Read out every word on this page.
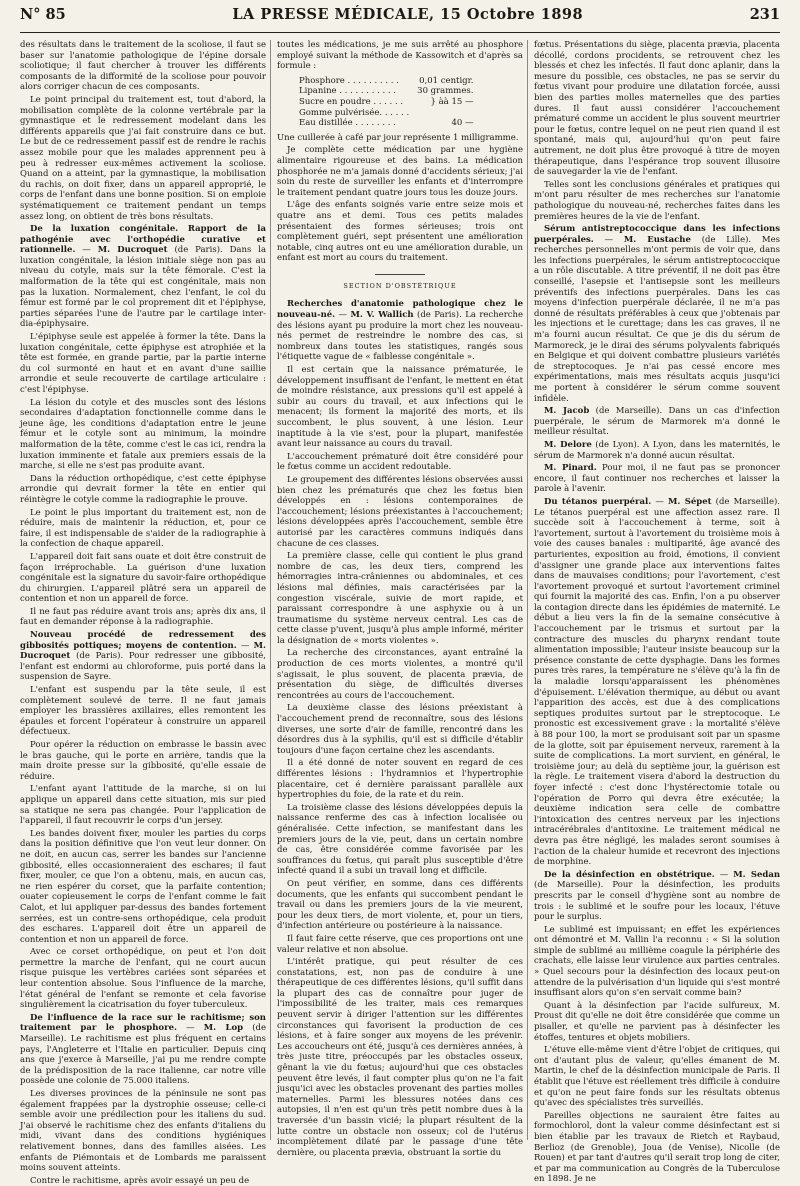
N° 85	LA PRESSE MÉDICALE, 15 Octobre 1898	231

des résultats dans le traitement de la scoliose, il faut se baser sur l'anatomie pathologique de l'épine dorsale scoliotique; il faut chercher à trouver les différents composants de la difformité de la scoliose pour pouvoir alors corriger chacun de ces composants.

Le point principal du traitement est, tout d'abord, la mobilisation complète de la colonne vertébrale par la gymnastique et le redressement modelant dans les différents appareils que j'ai fait construire dans ce but. Le but de ce redressement passif est de rendre le rachis assez mobile pour que les malades apprennent peu à peu à redresser eux-mêmes activement la scoliose. Quand on a atteint, par la gymnastique, la mobilisation du rachis, on doit fixer, dans un appareil approprié, le corps de l'enfant dans une bonne position. Si on emploie systématiquement ce traitement pendant un temps assez long, on obtient de très bons résultats.

De la luxation congénitale. Rapport de la pathogénie avec l'orthopédie curative et rationnelle. — M. Ducroquet (de Paris). Dans la luxation congénitale, la lésion initiale siège non pas au niveau du cotyle, mais sur la tête fémorale. C'est la malformation de la tête qui est congénitale, mais non pas la luxation. Normalement, chez l'enfant, le col du fémur est formé par le col proprement dit et l'épiphyse, parties séparées l'une de l'autre par le cartilage inter-dia-épiphysaire.

L'épiphyse seule est appelée à former la tête. Dans la luxation congénitale, cette épiphyse est atrophiée et la tête est formée, en grande partie, par la partie interne du col surmonté en haut et en avant d'une saillie arrondie et seule recouverte de cartilage articulaire : c'est l'épiphyse.

La lésion du cotyle et des muscles sont des lésions secondaires d'adaptation fonctionnelle comme dans le jeune âge, les conditions d'adaptation entre le jeune fémur et le cotyle sont au minimum, la moindre malformation de la tête, comme c'est le cas ici, rendra la luxation imminente et fatale aux premiers essais de la marche, si elle ne s'est pas produite avant.

Dans la réduction orthopédique, c'est cette épiphyse arrondie qui devrait former la tête en entier qui réintègre le cotyle comme la radiographie le prouve.

Le point le plus important du traitement est, non de réduire, mais de maintenir la réduction, et, pour ce faire, il est indispensable de s'aider de la radiographie à la confection de chaque appareil.

L'appareil doit fait sans ouate et doit être construit de façon irréprochable. La guérison d'une luxation congénitale est la signature du savoir-faire orthopédique du chirurgien. L'appareil plâtré sera un appareil de contention et non un appareil de force.

Il ne faut pas réduire avant trois ans; après dix ans, il faut en demander réponse à la radiographie.

Nouveau procédé de redressement des gibbosités pottiques; moyens de contention. — M. Ducroquet (de Paris). Pour redresser une gibbosité, l'enfant est endormi au chloroforme, puis porté dans la suspension de Sayre.

L'enfant est suspendu par la tête seule, il est complètement soulevé de terre. Il ne faut jamais employer les brassières axillaires, elles remontent les épaules et forcent l'opérateur à construire un appareil défectueux.

Pour opérer la réduction on embrasse le bassin avec le bras gauche, qui le porte en arrière, tandis que la main droite presse sur la gibbosité, qu'elle essaie de réduire.

L'enfant ayant l'attitude de la marche, si on lui applique un appareil dans cette situation, mis sur pied sa statique ne sera pas changée. Pour l'application de l'appareil, il faut recouvrir le corps d'un jersey.

Les bandes doivent fixer, mouler les parties du corps dans la position définitive que l'on veut leur donner. On ne doit, en aucun cas, serrer les bandes sur l'ancienne gibbosité, elles occasionneraient des eschares; il faut fixer, mouler, ce que l'on a obtenu, mais, en aucun cas, ne rien espérer du corset, que la parfaite contention; ouater copieusement le corps de l'enfant comme le fait Calot, et lui appliquer par-dessus des bandes fortement serrées, est un contre-sens orthopédique, cela produit des eschares. L'appareil doit être un appareil de contention et non un appareil de force.

Avec ce corset orthopédique, on peut et l'on doit permettre la marche de l'enfant, qui ne court aucun risque puisque les vertèbres cariées sont séparées et leur contention absolue. Sous l'influence de la marche, l'état général de l'enfant se remonte et cela favorise singulièrement la cicatrisation du foyer tuberculeux.

De l'influence de la race sur le rachitisme; son traitement par le phosphore. — M. Lop (de Marseille). Le rachitisme est plus fréquent en certains pays, l'Angleterre et l'Italie en particulier. Depuis cinq ans que j'exerce à Marseille, j'ai pu me rendre compte de la prédisposition de la race italienne, car notre ville possède une colonie de 75.000 italiens.

Les diverses provinces de la péninsule ne sont pas également frappées par la dystrophie osseuse; celle-ci semble avoir une prédilection pour les italiens du sud. J'ai observé le rachitisme chez des enfants d'italiens du midi, vivant dans des conditions hygiéniques relativement bonnes, dans des familles aisées. Les enfants de Piémontais et de Lombards me paraissent moins souvent atteints.

Contre le rachitisme, après avoir essayé un peu de

toutes les médications, je me suis arrêté au phosphore employé suivant la méthode de Kassowitch et d'après sa formule :

Phosphore . . . . . . . . . .	0,01 centigr.
Lipanine . . . . . . . . . . .	30 grammes.
Sucre en poudre . . . . . .	} àà 15 —
Gomme pulvérisée. . . . . .	
Eau distillée . . . . . . . .	40 —

Une cuillerée à café par jour représente 1 milligramme.

Je complète cette médication par une hygiène alimentaire rigoureuse et des bains. La médication phosphorée ne m'a jamais donné d'accidents sérieux; j'ai soin du reste de surveiller les enfants et d'interrompre le traitement pendant quatre jours tous les douze jours.

L'âge des enfants soignés varie entre seize mois et quatre ans et demi. Tous ces petits malades présentaient des formes sérieuses; trois ont complètement guéri, sept présentent une amélioration notable, cinq autres ont eu une amélioration durable, un enfant est mort au cours du traitement.

SECTION D'OBSTÉTRIQUE

Recherches d'anatomie pathologique chez le nouveau-né. — M. V. Wallich (de Paris). La recherche des lésions ayant pu produire la mort chez les nouveau-nés permet de restreindre le nombre des cas, si nombreux dans toutes les statistiques, rangés sous l'étiquette vague de « faiblesse congénitale ».

Il est certain que la naissance prématurée, le développement insuffisant de l'enfant, le mettent en état de moindre résistance, aux pressions qu'il est appelé à subir au cours du travail, et aux infections qui le menacent; ils forment la majorité des morts, et ils succombent, le plus souvent, à une lésion. Leur inaptitude à la vie s'est, pour la plupart, manifestée avant leur naissance au cours du travail.

L'accouchement prématuré doit être considéré pour le fœtus comme un accident redoutable.

Le groupement des différentes lésions observées aussi bien chez les prématurés que chez les fœtus bien développés en : lésions contemporaines de l'accouchement; lésions préexistantes à l'accouchement; lésions développées après l'accouchement, semble être autorisé par les caractères communs indiqués dans chacune de ces classes.

La première classe, celle qui contient le plus grand nombre de cas, les deux tiers, comprend les hémorragies intra-crâniennes ou abdominales, et ces lésions mal définies, mais caractérisées par la congestion viscérale, suivie de mort rapide, et paraissant correspondre à une asphyxie ou à un traumatisme du système nerveux central. Les cas de cette classe p'uvent, jusqu'à plus ample informé, mériter la désignation de « morts violentes ».

La recherche des circonstances, ayant entraîné la production de ces morts violentes, a montré qu'il s'agissait, le plus souvent, de placenta prævia, de présentation du siège, de difficultés diverses rencontrées au cours de l'accouchement.

La deuxième classe des lésions préexistant à l'accouchement prend de reconnaître, sous des lésions diverses, une sorte d'air de famille, rencontré dans les désordres dus à la syphilis, qu'il est si difficile d'établir toujours d'une façon certaine chez les ascendants.

Il a été donné de noter souvent en regard de ces différentes lésions : l'hydramnios et l'hypertrophie placentaire, cet é dernière paraissant parallèle aux hypertrophies du foie, de la rate et du rein.

La troisième classe des lésions développées depuis la naissance renferme des cas à infection localisée ou généralisée. Cette infection, se manifestant dans les premiers jours de la vie, peut, dans un certain nombre de cas, être considérée comme favorisée par les souffrances du fœtus, qui paraît plus susceptible d'être infecté quand il a subi un travail long et difficile.

On peut vérifier, en somme, dans ces différents documents, que les enfants qui succombent pendant le travail ou dans les premiers jours de la vie meurent, pour les deux tiers, de mort violente, et, pour un tiers, d'infection antérieure ou postérieure à la naissance.

Il faut faire cette réserve, que ces proportions ont une valeur relative et non absolue.

L'intérêt pratique, qui peut résulter de ces constatations, est, non pas de conduire à une thérapeutique de ces différentes lésions, qu'il suffit dans la plupart des cas de connaître pour juger de l'impossibilité de les traiter, mais ces remarques peuvent servir à diriger l'attention sur les différentes circonstances qui favorisent la production de ces lésions, et à faire songer aux moyens de les prévenir. Les accoucheurs ont été, jusqu'à ces dernières années, à très juste titre, préoccupés par les obstacles osseux, gênant la vie du fœtus; aujourd'hui que ces obstacles peuvent être levés, il faut compter plus qu'on ne l'a fait jusqu'ici avec les obstacles provenant des parties molles maternelles. Parmi les blessures notées dans ces autopsies, il n'en est qu'un très petit nombre dues à la traversée d'un bassin vicié; la plupart résultent de la lutte contre un obstacle non osseux; col de l'utérus incomplètement dilaté par le passage d'une tête dernière, ou placenta prævia, obstruant la sortie du

fœtus. Présentations du siège, placenta prævia, placenta décollé, cordons procidents, se retrouvent chez les blessés et chez les infectés. Il faut donc aplanir, dans la mesure du possible, ces obstacles, ne pas se servir du fœtus vivant pour produire une dilatation forcée, aussi bien des parties molles maternelles que des parties dures. Il faut aussi considérer l'accouchement prématuré comme un accident le plus souvent meurtrier pour le fœtus, contre lequel on ne peut rien quand il est spontané, mais qui, aujourd'hui qu'on peut faire autrement, ne doit plus être provoqué à titre de moyen thérapeutique, dans l'espérance trop souvent illusoire de sauvegarder la vie de l'enfant.

Telles sont les conclusions générales et pratiques qui m'ont paru résulter de mes recherches sur l'anatomie pathologique du nouveau-né, recherches faites dans les premières heures de la vie de l'enfant.

Sérum antistreptococcique dans les infections puerpérales. — M. Eustache (de Lille). Mes recherches personnelles m'ont permis de voir que, dans les infections puerpérales, le sérum antistreptococcique a un rôle discutable. A titre préventif, il ne doit pas être conseillé, l'asepsie et l'antisepsie sont les meilleurs préventifs des infections puerpérales. Dans les cas moyens d'infection puerpérale déclarée, il ne m'a pas donné de résultats préférables à ceux que j'obtenais par les injections et le curettage; dans les cas graves, il ne m'a fourni aucun résultat. Ce que je dis du sérum de Marmoreck, je le dirai des sérums polyvalents fabriqués en Belgique et qui doivent combattre plusieurs variétés de streptocoques. Je n'ai pas cessé encore mes expérimentations, mais mes résultats acquis jusqu'ici me portent à considérer le sérum comme souvent infidèle.

M. Jacob (de Marseille). Dans un cas d'infection puerpérale, le sérum de Marmorek m'a donné le meilleur résultat.

M. Delore (de Lyon). A Lyon, dans les maternités, le sérum de Marmorek n'a donné aucun résultat.

M. Pinard. Pour moi, il ne faut pas se prononcer encore, il faut continuer nos recherches et laisser la parole à l'avenir.

Du tétanos puerpéral. — M. Sépet (de Marseille). Le tétanos puerpéral est une affection assez rare. Il succède soit à l'accouchement à terme, soit à l'avortement, surtout à l'avortement du troisième mois à voie des causes banales : multiparité, âge avancé des parturientes, exposition au froid, émotions, il convient d'assigner une grande place aux interventions faites dans de mauvaises conditions; pour l'avortement, c'est l'avortement provoqué et surtout l'avortement criminel qui fournit la majorité des cas. Enfin, l'on a pu observer la contagion directe dans les épidémies de maternité. Le début a lieu vers la fin de la semaine consécutive à l'accouchement par le trismus et surtout par la contracture des muscles du pharynx rendant toute alimentation impossible; l'auteur insiste beaucoup sur la présence constante de cette dysphagie. Dans les formes pures très rares, la température ne s'élève qu'à la fin de la maladie lorsqu'apparaissent les phénomènes d'épuisement. L'élévation thermique, au début ou avant l'apparition des accès, est due à des complications septiques produites surtout par le streptocoque. Le pronostic est excessivement grave : la mortalité s'élève à 88 pour 100, la mort se produisant soit par un spasme de la glotte, soit par épuisement nerveux, rarement à la suite de complications. La mort survient, en général, le troisième jour; au delà du septième jour, la guérison est la règle. Le traitement visera d'abord la destruction du foyer infecté : c'est donc l'hystérectomie totale ou l'opération de Porro qui devra être exécutée; la deuxième indication sera celle de combattre l'intoxication des centres nerveux par les injections intracérébrales d'antitoxine. Le traitement médical ne devra pas être négligé, les malades seront soumises à l'action de la chaleur humide et recevront des injections de morphine.

De la désinfection en obstétrique. — M. Sedan (de Marseille). Pour la désinfection, les produits prescrits par le conseil d'hygiène sont au nombre de trois : le sublimé et le soufre pour les locaux, l'étuve pour le surplus.

Le sublimé est impuissant; en effet les expériences ont démontré et M. Vallin l'a reconnu : « Si la solution simple de sublimé au millième coagule la périphérie des crachats, elle laisse leur virulence aux parties centrales. » Quel secours pour la désinfection des locaux peut-on attendre de la pulvérisation d'un liquide qui s'est montré insuffisant alors qu'on s'en servait comme bain?

Quant à la désinfection par l'acide sulfureux, M. Proust dit qu'elle ne doit être considérée que comme un pisaller, et qu'elle ne parvient pas à désinfecter les étoffes, tentures et objets mobiliers.

L'étuve elle-même vient d'être l'objet de critiques, qui ont d'autant plus de valeur, qu'elles émanent de M. Martin, le chef de la désinfection municipale de Paris. Il établit que l'étuve est réellement très difficile à conduire et qu'on ne peut faire fonds sur les résultats obtenus qu'avec des spécialistes très surveillés.

Pareilles objections ne sauraient être faites au formochlorol, dont la valeur comme désinfectant est si bien établie par les travaux de Rietch et Raybaud, Berlioz (de Grenoble), Joua (de Venise), Nicolle (de Rouen) et par tant d'autres qu'il serait trop long de citer, et par ma communication au Congrès de la Tuberculose en 1898. Je ne
